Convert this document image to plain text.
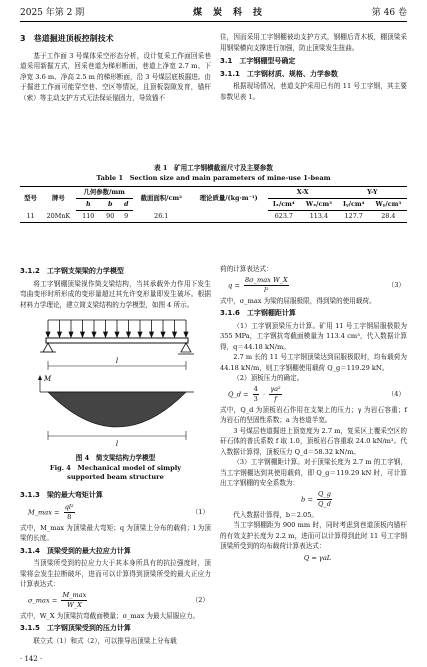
2025 年第 2 期	煤　炭　科　技	第 46 卷
3　巷道掘进顶板控制技术

基于工作面 3 号煤体采空形态分析，设计复采工作面回采巷道采用新掘方式，回采巷道为梯形断面，巷道上净宽 2.7 m、下净宽 3.6 m、净高 2.5 m 的梯形断面，沿 3 号煤层底板掘进。由于掘进工作面可能穿空巷、空区等情况，且顶板裂隙发育，锚杆（索）等主动支护方式无法保证锚固力，导致锚不

住，因而采用工字钢棚被动支护方式，钢棚后背木板，棚顶梁采用钢梁横向支撑进行加强，防止顶梁发生扭曲。

3.1　工字钢棚型号确定
3.1.1　工字钢材质、规格、力学参数

根据现场情况，巷道支护采用已有的 11 号工字钢，其主要参数见表 1。

表 1　矿用工字钢横截面尺寸及主要参数
Table 1　Section size and main parameters of mine-use 1-beam
型号	牌号	几何参数/mm			截面面积/cm²	理论质量/(kg·m⁻¹)	X-X		Y-Y	
		h	b	d			Iₓ/cm⁴	Wₓ/cm³	Iᵧ/cm⁴	Wᵧ/cm³
11	20MnK	110	90	9	26.1		623.7	113.4	127.7	28.4
3.1.2　工字钢支架梁的力学模型

将工字钢棚顶梁视作简支梁结构，当其承载外力作用下发生弯曲变形时所形成的变形量超过其允许变形量即发生破坏。根据材料力学理论，建立简支梁结构的力学模型，如图 4 所示。

l
M
l
图 4　简支梁结构力学模型
Fig. 4　Mechanical model of simply
supported beam structure
3.1.3　梁的最大弯矩计算
M_max = $\frac{\text{ql²}}{8}$	（1）

式中，M_max 为顶梁最大弯矩；q 为顶梁上分布的载荷；l 为顶梁的长度。

3.1.4　顶梁受到的最大拉应力计算

当顶梁所受到的拉应力大于其本身所具有的抗拉强度时，顶梁将会发生拉断破坏，进而可以计算得到顶梁所受的最大正应力计算表达式：

σ_max = $\frac{M\_\max}{W\_X}$	（2）

式中，W_X 为顶梁抗弯截面模量；σ_max 为最大屈服应力。

3.1.5　工字钢顶梁受到的压力计算

联立式（1）和式（2），可以推导出顶梁上分布载

荷的计算表达式：

$q = \frac{\text{8σ\_max W\_X}}{\text{l²}}$	（3）

式中，σ_max 为梁的屈服极限，得到梁的使用载荷。

3.1.6　工字钢棚距计算

（1）工字钢顶梁压力计算。矿用 11 号工字钢屈服极限为 355 MPa，工字钢抗弯截面模量为 113.4 cm³，代入数据计算得，q＝44.18 kN/m。

2.7 m 长的 11 号工字钢顶梁达到屈服极限时，均布载荷为 44.18 kN/m，则工字钢棚使用载荷 Q_g＝119.29 kN。

（2）顶板压力的确定。

Q_d = $\frac{4}{3} \cdot \frac{\text{γa²}}{f}$	（4）

式中，Q_d 为顶板岩石作用在支架上的压力；γ 为岩石容重；f 为岩石的坚固性系数；a 为巷道半宽。

3 号煤层巷道掘进上顶宽度为 2.7 m，复采区上覆采空区的矸石体的普氏系数 f 取 1.0，顶板岩石容重取 24.0 kN/m³。代入数据计算得，顶板压力 Q_d＝58.32 kN/m。

（3）工字钢棚距计算。对于顶梁长度为 2.7 m 的工字钢，当工字钢棚达到其使用载荷，即 Q_g＝119.29 kN 时，可计算出工字钢棚的安全系数为：

$b = \frac{Q\_g}{Q\_d}$

代入数据计算得，b＝2.05。

当工字钢棚距为 900 mm 时，同时考虑到巷道顶板内锚杆的有效支护长度为 2.2 m，进而可以计算得到此时 11 号工字钢顶梁所受到的均布载荷计算表达式：

Q = γaL
· 142 ·
